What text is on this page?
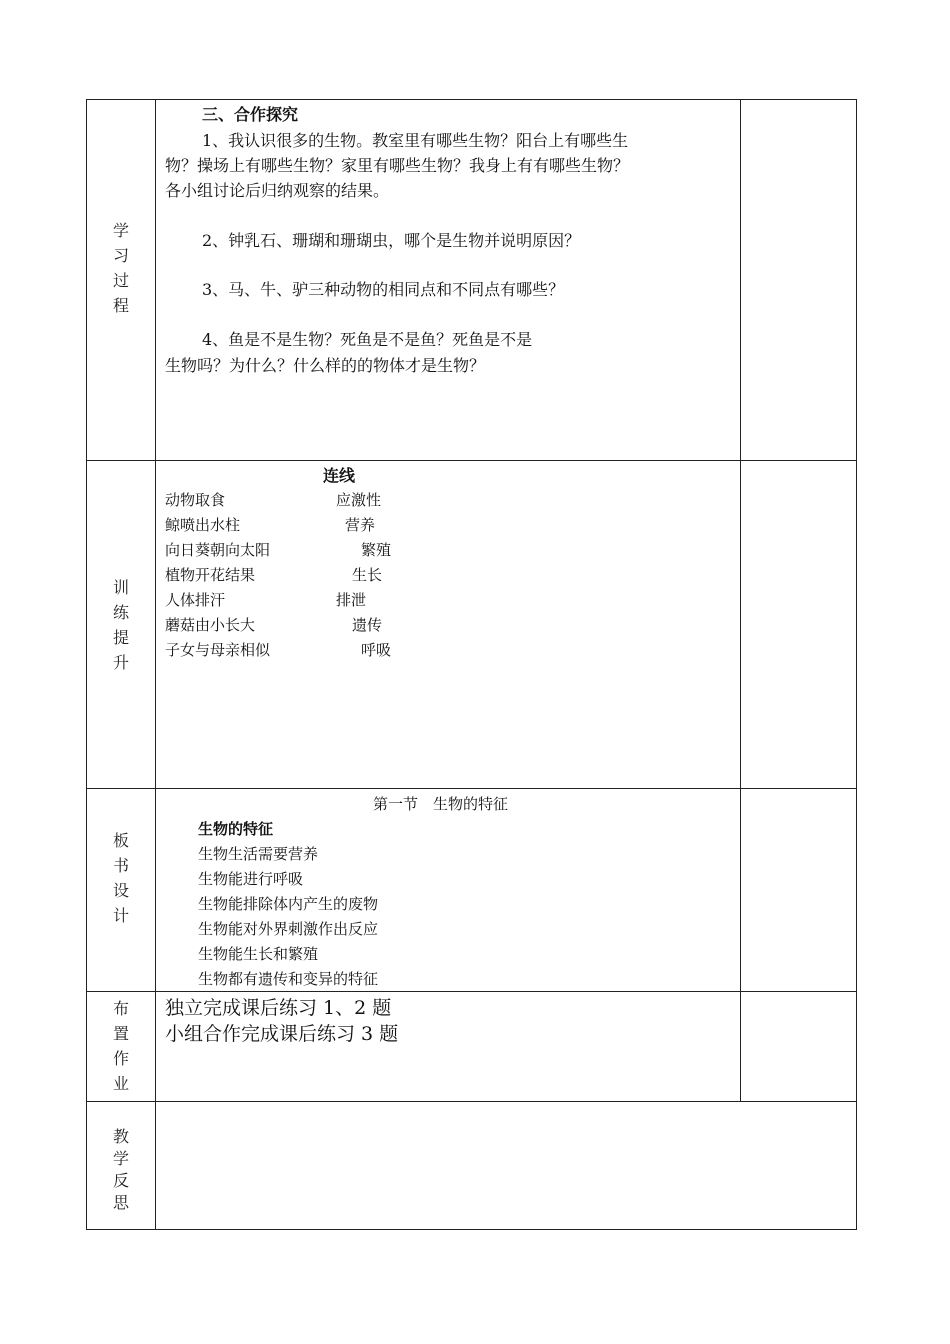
学
习
过
程
三、合作探究
1、我认识很多的生物。教室里有哪些生物？阳台上有哪些生
物？操场上有哪些生物？家里有哪些生物？我身上有有哪些生物？
各小组讨论后归纳观察的结果。
2、钟乳石、珊瑚和珊瑚虫，哪个是生物并说明原因？
3、马、牛、驴三种动物的相同点和不同点有哪些？
4、鱼是不是生物？死鱼是不是鱼？死鱼是不是
生物吗？为什么？什么样的的物体才是生物？
训
练
提
升
连线
动物取食
鲸喷出水柱
向日葵朝向太阳
植物开花结果
人体排汗
蘑菇由小长大
子女与母亲相似
应激性
营养
繁殖
生长
排泄
遗传
呼吸
板
书
设
计
第一节　生物的特征
生物的特征
生物生活需要营养
生物能进行呼吸
生物能排除体内产生的废物
生物能对外界刺激作出反应
生物能生长和繁殖
生物都有遗传和变异的特征
布
置
作
业
独立完成课后练习 1、2 题
小组合作完成课后练习 3 题
教
学
反
思
